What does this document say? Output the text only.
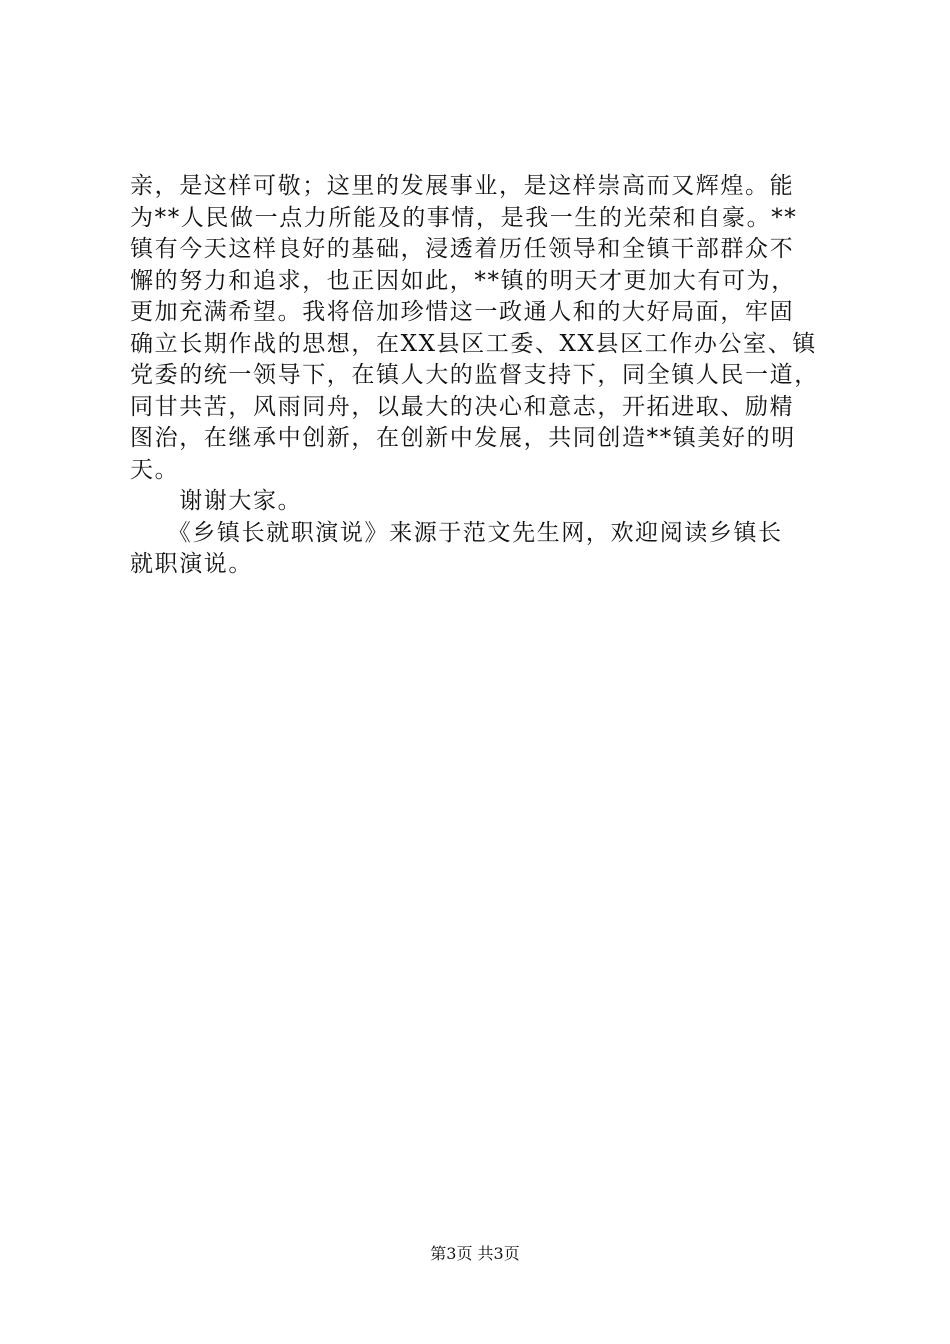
亲，是这样可敬；这里的发展事业，是这样崇高而又辉煌。能
为**人民做一点力所能及的事情，是我一生的光荣和自豪。**
镇有今天这样良好的基础，浸透着历任领导和全镇干部群众不
懈的努力和追求，也正因如此，**镇的明天才更加大有可为，
更加充满希望。我将倍加珍惜这一政通人和的大好局面，牢固
确立长期作战的思想，在XX县区工委、XX县区工作办公室、镇
党委的统一领导下，在镇人大的监督支持下，同全镇人民一道，
同甘共苦，风雨同舟，以最大的决心和意志，开拓进取、励精
图治，在继承中创新，在创新中发展，共同创造**镇美好的明
天。
　　谢谢大家。
　　《乡镇长就职演说》来源于范文先生网，欢迎阅读乡镇长
就职演说。
第3页 共3页
